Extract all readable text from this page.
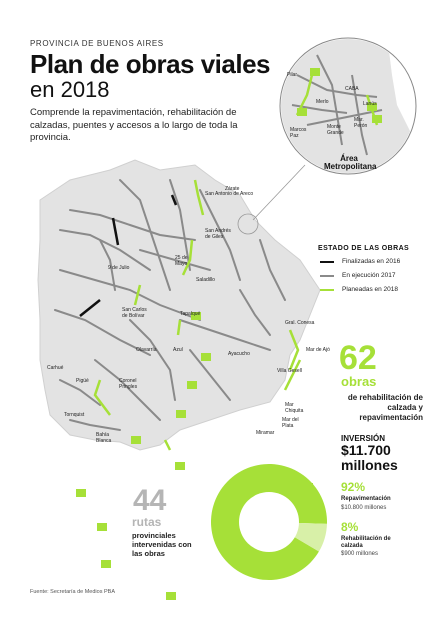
PROVINCIA DE BUENOS AIRES
Plan de obras viales
en 2018
Comprende la repavimentación, rehabilitación de calzadas, puentes y accesos a lo largo de toda la provincia.
San Antonio de Areco
Zárate
San Andrés de Giles
25 de Mayo
9 de Julio
Saladillo
San Carlos de Bolívar	Tapalqué
Olavarría	Azul
Ayacucho
Gral. Conesa
Mar de Ajó
Villa Gesell
Carhué
Pigüé
Tornquist
Coronel Pringles
Mar Chiquita
Mar del Plata
Miramar
Bahía Blanca
Pilar
CABA
Merlo	Lanús
Marcos Paz
Monte Grande
Mar. Perón
Área Metropolitana
ESTADO DE LAS OBRAS
Finalizadas en 2016
En ejecución 2017
Planeadas en 2018
62
obras
de rehabilitación de calzada y repavimentación
INVERSIÓN
$11.700 millones
44
rutas
provinciales intervenidas con las obras
92%
Repavimentación
$10.800 millones
8%
Rehabilitación de calzada
$900 millones
Fuente: Secretaría de Medios PBA
